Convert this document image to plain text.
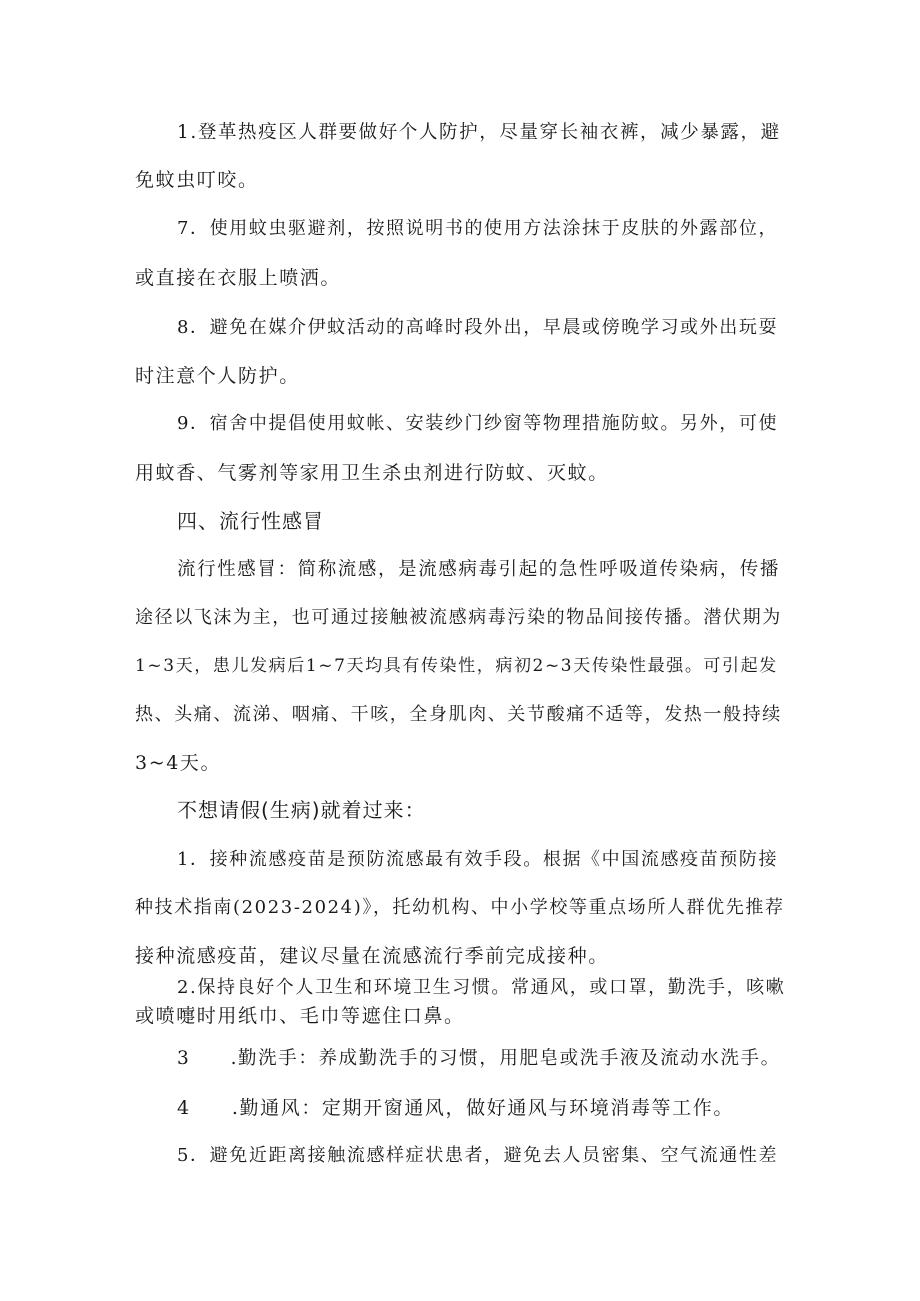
1.登革热疫区人群要做好个人防护，尽量穿长袖衣裤，减少暴露，避
免蚊虫叮咬。
7．使用蚊虫驱避剂，按照说明书的使用方法涂抹于皮肤的外露部位，
或直接在衣服上喷洒。
8．避免在媒介伊蚊活动的高峰时段外出，早晨或傍晚学习或外出玩耍
时注意个人防护。
9．宿舍中提倡使用蚊帐、安装纱门纱窗等物理措施防蚊。另外，可使
用蚊香、气雾剂等家用卫生杀虫剂进行防蚊、灭蚊。
四、流行性感冒
流行性感冒：简称流感，是流感病毒引起的急性呼吸道传染病，传播
途径以飞沫为主，也可通过接触被流感病毒污染的物品间接传播。潜伏期为
1~3天，患儿发病后1~7天均具有传染性，病初2~3天传染性最强。可引起发
热、头痛、流涕、咽痛、干咳，全身肌肉、关节酸痛不适等，发热一般持续
3~4天。
不想请假(生病)就着过来：
1．接种流感疫苗是预防流感最有效手段。根据《中国流感疫苗预防接
种技术指南(2023-2024)》，托幼机构、中小学校等重点场所人群优先推荐
接种流感疫苗，建议尽量在流感流行季前完成接种。
2.保持良好个人卫生和环境卫生习惯。常通风，或口罩，勤洗手，咳嗽
或喷嚏时用纸巾、毛巾等遮住口鼻。
3　　.勤洗手：养成勤洗手的习惯，用肥皂或洗手液及流动水洗手。
4　　.勤通风：定期开窗通风，做好通风与环境消毒等工作。
5．避免近距离接触流感样症状患者，避免去人员密集、空气流通性差
